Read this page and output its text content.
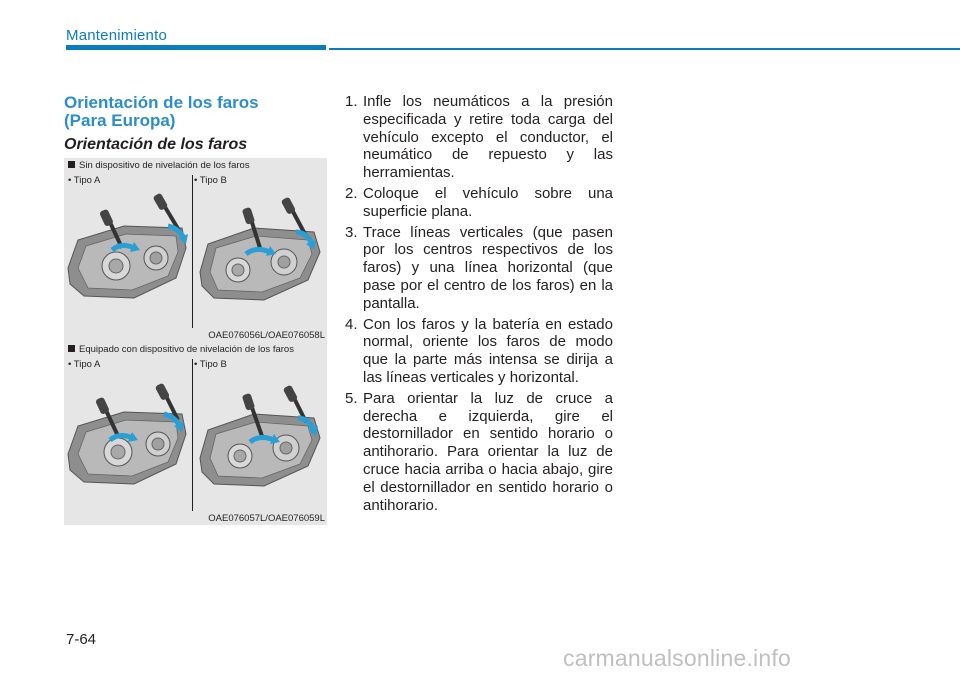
Mantenimiento
Orientación de los faros
(Para Europa)
Orientación de los faros
Sin dispositivo de nivelación de los faros
• Tipo A	• Tipo B
OAE076056L/OAE076058L
Equipado con dispositivo de nivelación de los faros
• Tipo A	• Tipo B
OAE076057L/OAE076059L
1. Infle los neumáticos a la presión especificada y retire toda carga del vehículo excepto el conductor, el neumático de repuesto y las herramientas.
2. Coloque el vehículo sobre una superficie plana.
3. Trace líneas verticales (que pasen por los centros respectivos de los faros) y una línea horizontal (que pase por el centro de los faros) en la pantalla.
4. Con los faros y la batería en estado normal, oriente los faros de modo que la parte más intensa se dirija a las líneas verticales y horizontal.
5. Para orientar la luz de cruce a derecha e izquierda, gire el destornillador en sentido horario o antihorario. Para orientar la luz de cruce hacia arriba o hacia abajo, gire el destornillador en sentido horario o antihorario.
7-64
carmanualsonline.info
